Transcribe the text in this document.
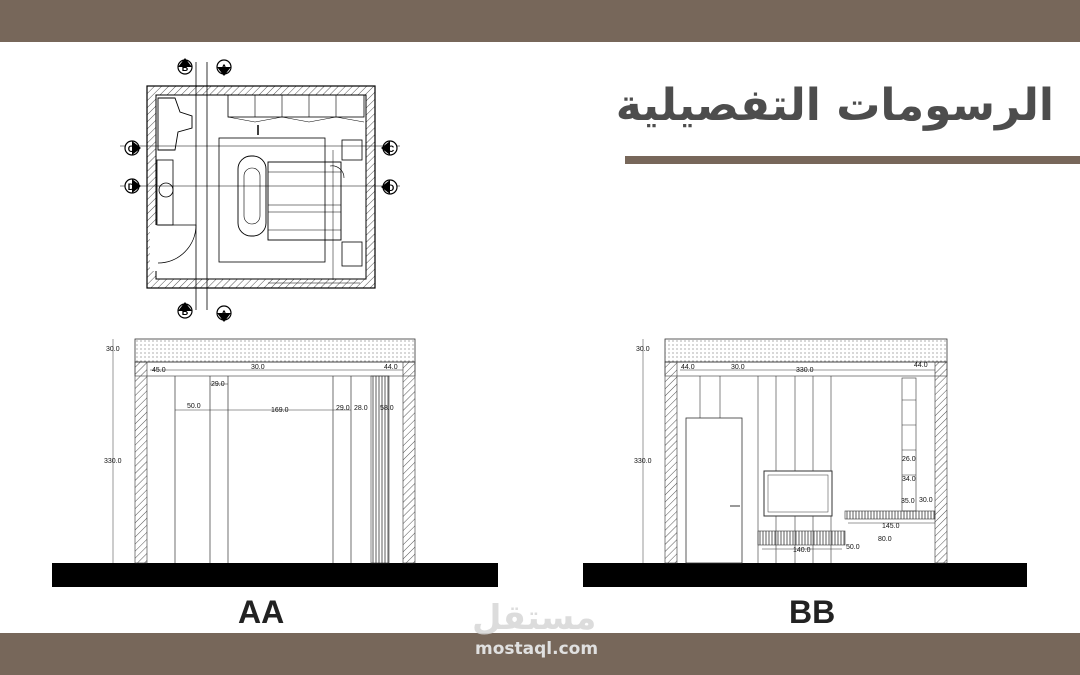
الرسومات التفصيلية
B	A
B	A
C
D
C
D
30.0
330.0
45.0	30.0	44.0
29.0
50.0
169.0	29.0 28.0 58.0
30.0
330.0
44.0	30.0	330.0
44.0
26.0
34.0
35.0 30.0
145.0
80.0
140.0	50.0
AA	BB
مستقل
mostaql.com
